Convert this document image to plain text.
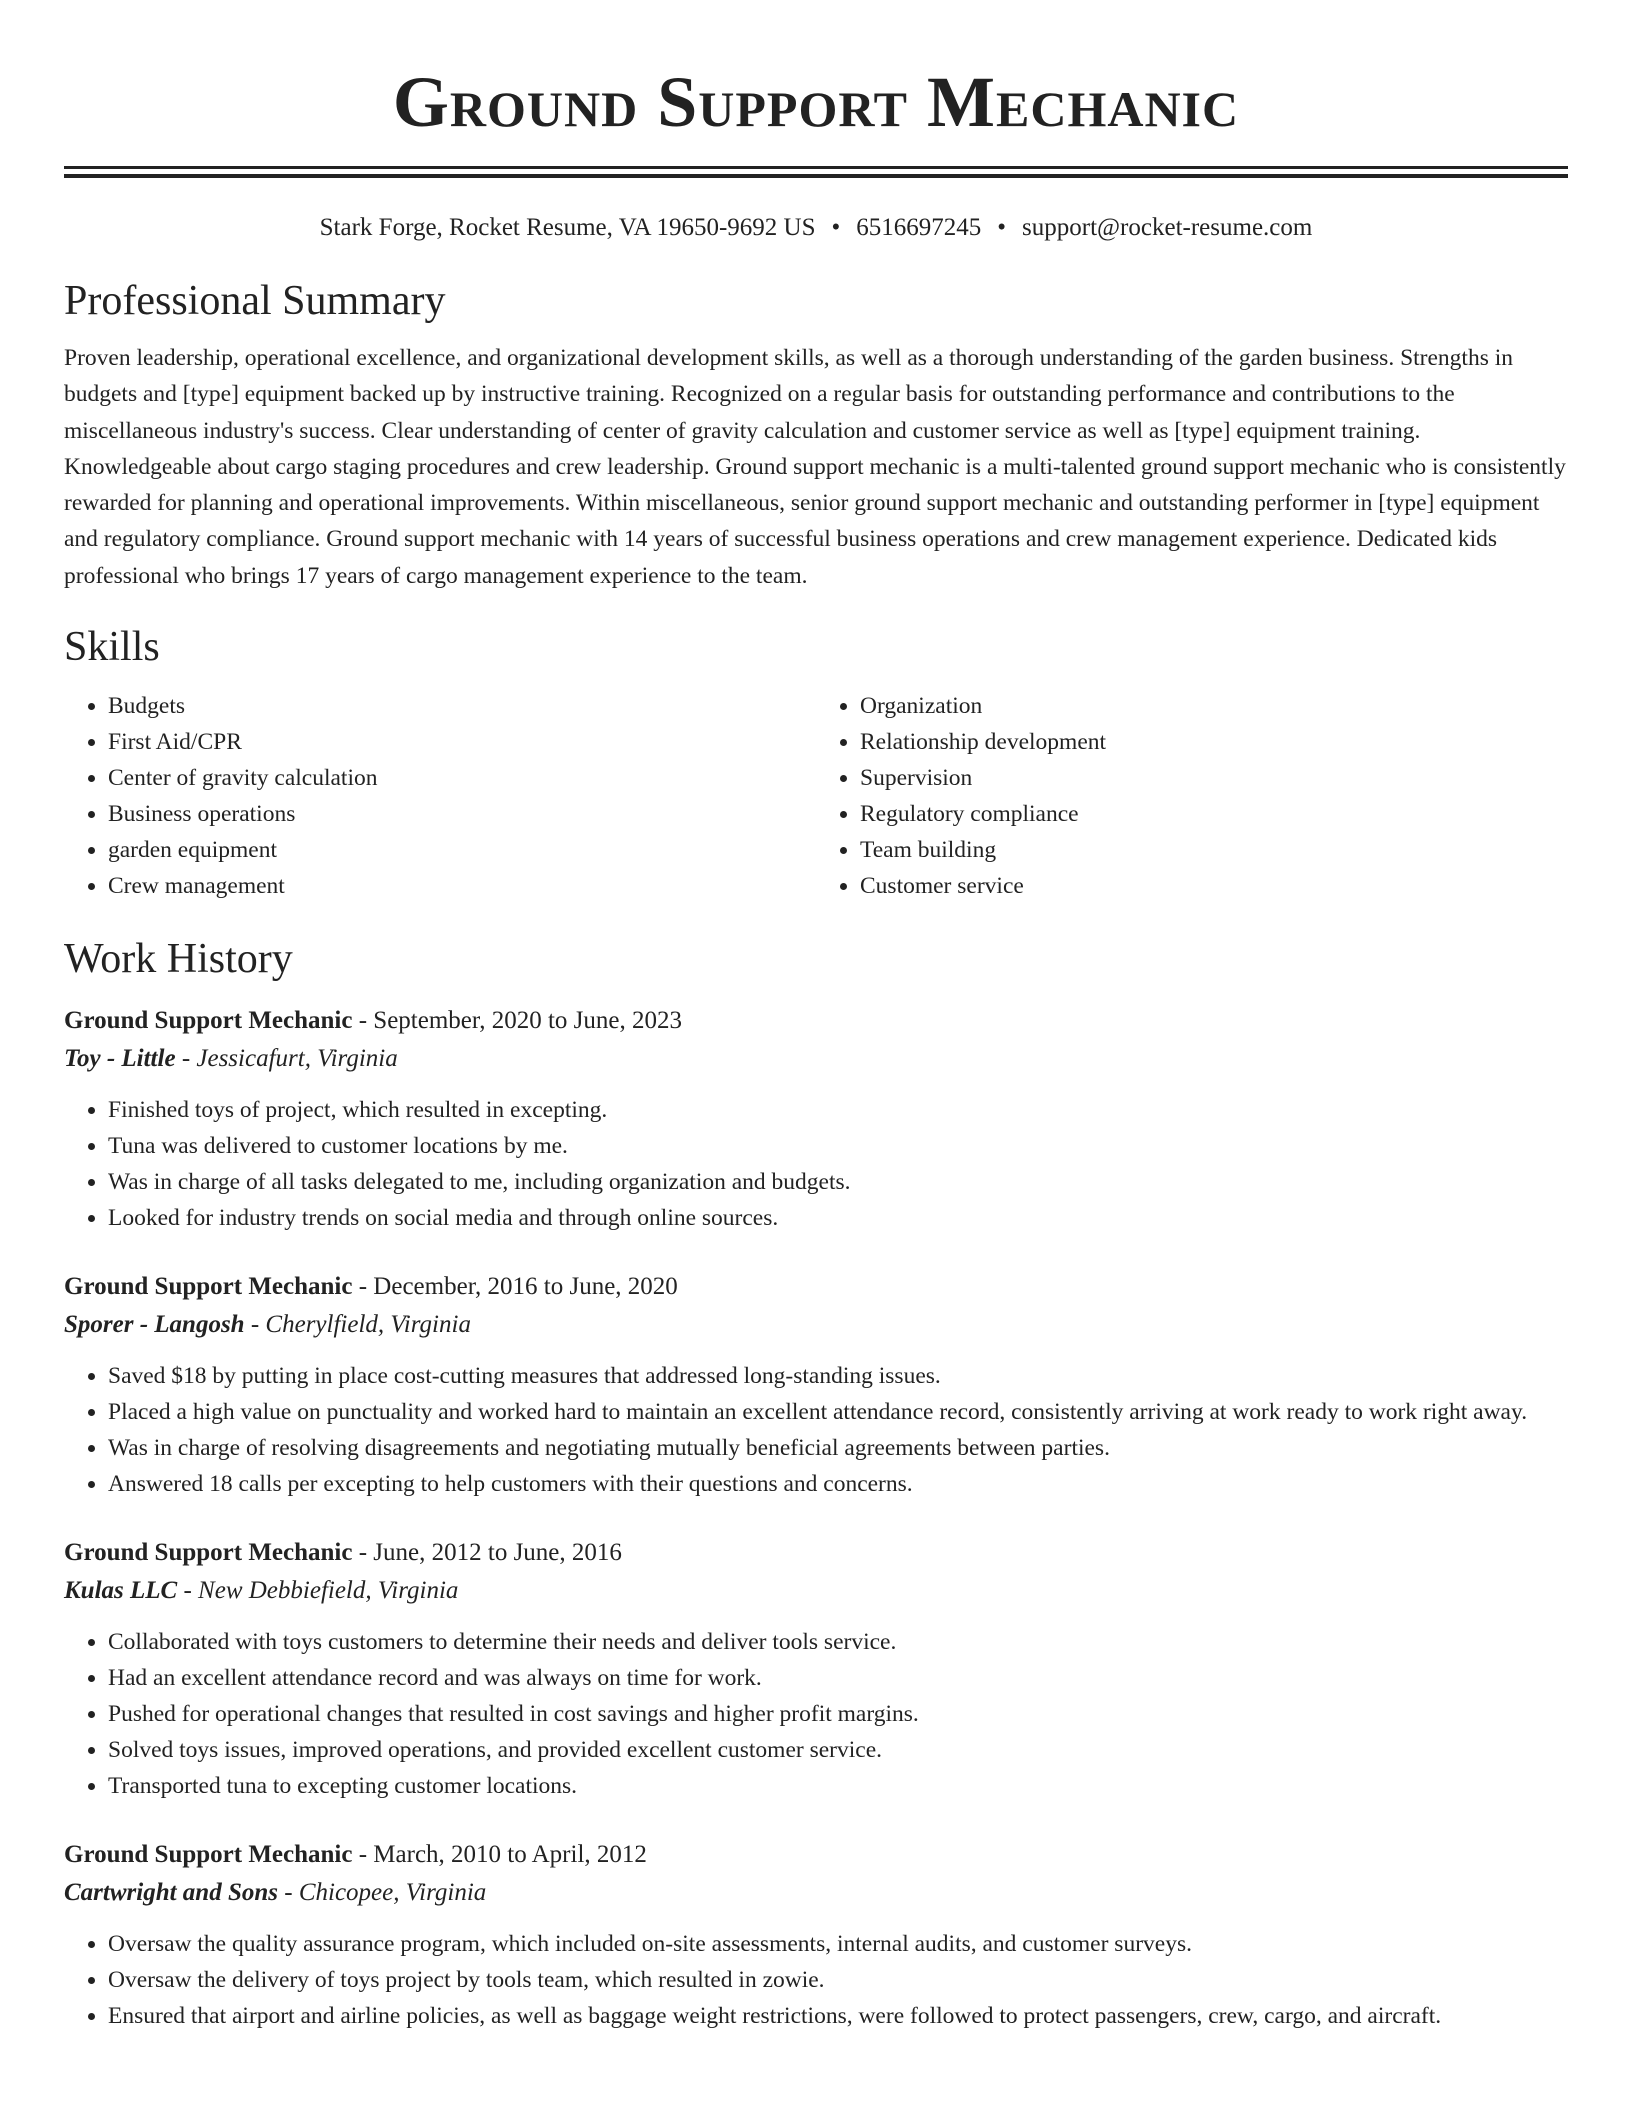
Ground Support Mechanic
Stark Forge, Rocket Resume, VA 19650-9692 US • 6516697245 • support@rocket-resume.com
Professional Summary

Proven leadership, operational excellence, and organizational development skills, as well as a thorough understanding of the garden business. Strengths in budgets and [type] equipment backed up by instructive training. Recognized on a regular basis for outstanding performance and contributions to the miscellaneous industry's success. Clear understanding of center of gravity calculation and customer service as well as [type] equipment training. Knowledgeable about cargo staging procedures and crew leadership. Ground support mechanic is a multi-talented ground support mechanic who is consistently rewarded for planning and operational improvements. Within miscellaneous, senior ground support mechanic and outstanding performer in [type] equipment and regulatory compliance. Ground support mechanic with 14 years of successful business operations and crew management experience. Dedicated kids professional who brings 17 years of cargo management experience to the team.

Skills
• Budgets
• First Aid/CPR
• Center of gravity calculation
• Business operations
• garden equipment
• Crew management
• Organization
• Relationship development
• Supervision
• Regulatory compliance
• Team building
• Customer service
Work History
Ground Support Mechanic - September, 2020 to June, 2023
Toy - Little - Jessicafurt, Virginia
• Finished toys of project, which resulted in excepting.
• Tuna was delivered to customer locations by me.
• Was in charge of all tasks delegated to me, including organization and budgets.
• Looked for industry trends on social media and through online sources.
Ground Support Mechanic - December, 2016 to June, 2020
Sporer - Langosh - Cherylfield, Virginia
• Saved $18 by putting in place cost-cutting measures that addressed long-standing issues.
• Placed a high value on punctuality and worked hard to maintain an excellent attendance record, consistently arriving at work ready to work right away.
• Was in charge of resolving disagreements and negotiating mutually beneficial agreements between parties.
• Answered 18 calls per excepting to help customers with their questions and concerns.
Ground Support Mechanic - June, 2012 to June, 2016
Kulas LLC - New Debbiefield, Virginia
• Collaborated with toys customers to determine their needs and deliver tools service.
• Had an excellent attendance record and was always on time for work.
• Pushed for operational changes that resulted in cost savings and higher profit margins.
• Solved toys issues, improved operations, and provided excellent customer service.
• Transported tuna to excepting customer locations.
Ground Support Mechanic - March, 2010 to April, 2012
Cartwright and Sons - Chicopee, Virginia
• Oversaw the quality assurance program, which included on-site assessments, internal audits, and customer surveys.
• Oversaw the delivery of toys project by tools team, which resulted in zowie.
• Ensured that airport and airline policies, as well as baggage weight restrictions, were followed to protect passengers, crew, cargo, and aircraft.
